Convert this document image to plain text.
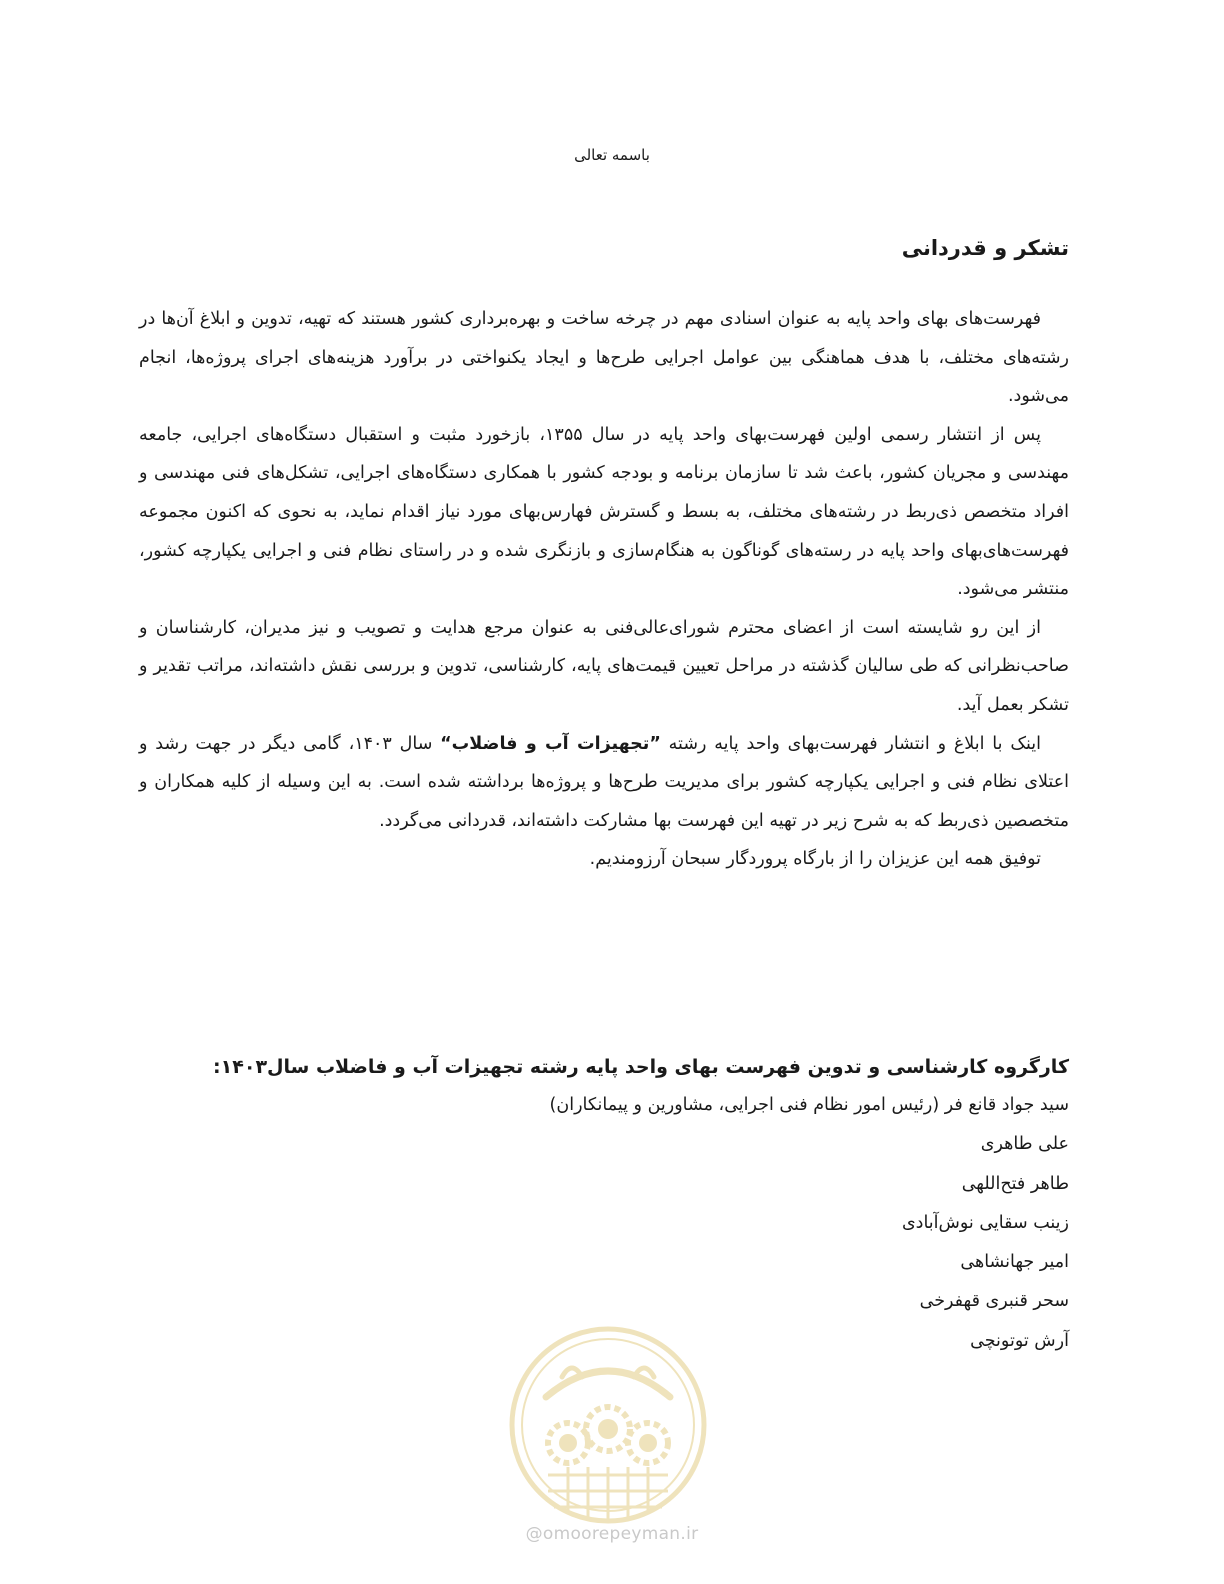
باسمه تعالی
تشکر و قدردانی

فهرست‌های بهای واحد پایه به عنوان اسنادی مهم در چرخه ساخت و بهره‌برداری کشور هستند که تهیه، تدوین و ابلاغ آن‌ها در رشته‌های مختلف، با هدف هماهنگی بین عوامل اجرایی طرح‌ها و ایجاد یکنواختی در برآورد هزینه‌های اجرای پروژه‌ها، انجام می‌شود.

پس از انتشار رسمی اولین فهرست‌بهای واحد پایه در سال ۱۳۵۵، بازخورد مثبت و استقبال دستگاه‌های اجرایی، جامعه مهندسی و مجریان کشور، باعث شد تا سازمان برنامه و بودجه کشور با همکاری دستگاه‌های اجرایی، تشکل‌های فنی مهندسی و افراد متخصص ذی‌ربط در رشته‌های مختلف، به بسط و گسترش فهارس‌بهای مورد نیاز اقدام نماید، به نحوی که اکنون مجموعه فهرست‌های‌بهای واحد پایه در رسته‌های گوناگون به هنگام‌سازی و بازنگری شده و در راستای نظام فنی و اجرایی یکپارچه کشور، منتشر می‌شود.

از این رو شایسته است از اعضای محترم شورای‌عالی‌فنی به عنوان مرجع هدایت و تصویب و نیز مدیران، کارشناسان و صاحب‌نظرانی که طی سالیان گذشته در مراحل تعیین قیمت‌های پایه، کارشناسی، تدوین و بررسی نقش داشته‌اند، مراتب تقدیر و تشکر بعمل آید.

اینک با ابلاغ و انتشار فهرست‌بهای واحد پایه رشته ”تجهیزات آب و فاضلاب“ سال ۱۴۰۳، گامی دیگر در جهت رشد و اعتلای نظام فنی و اجرایی یکپارچه کشور برای مدیریت طرح‌ها و پروژه‌ها برداشته شده است. به این وسیله از کلیه همکاران و متخصصین ذی‌ربط که به شرح زیر در تهیه این فهرست بها مشارکت داشته‌اند، قدردانی می‌گردد.

توفیق همه این عزیزان را از بارگاه پروردگار سبحان آرزومندیم.

کارگروه کارشناسی و تدوین فهرست بهای واحد پایه رشته تجهیزات آب و فاضلاب سال۱۴۰۳:
سید جواد قانع فر (رئیس امور نظام فنی اجرایی، مشاورین و پیمانکاران)
علی طاهری
طاهر فتح‌اللهی
زینب سقایی نوش‌آبادی
امیر جهانشاهی
سحر قنبری قهفرخی
آرش توتونچی
@omoorepeyman.ir
